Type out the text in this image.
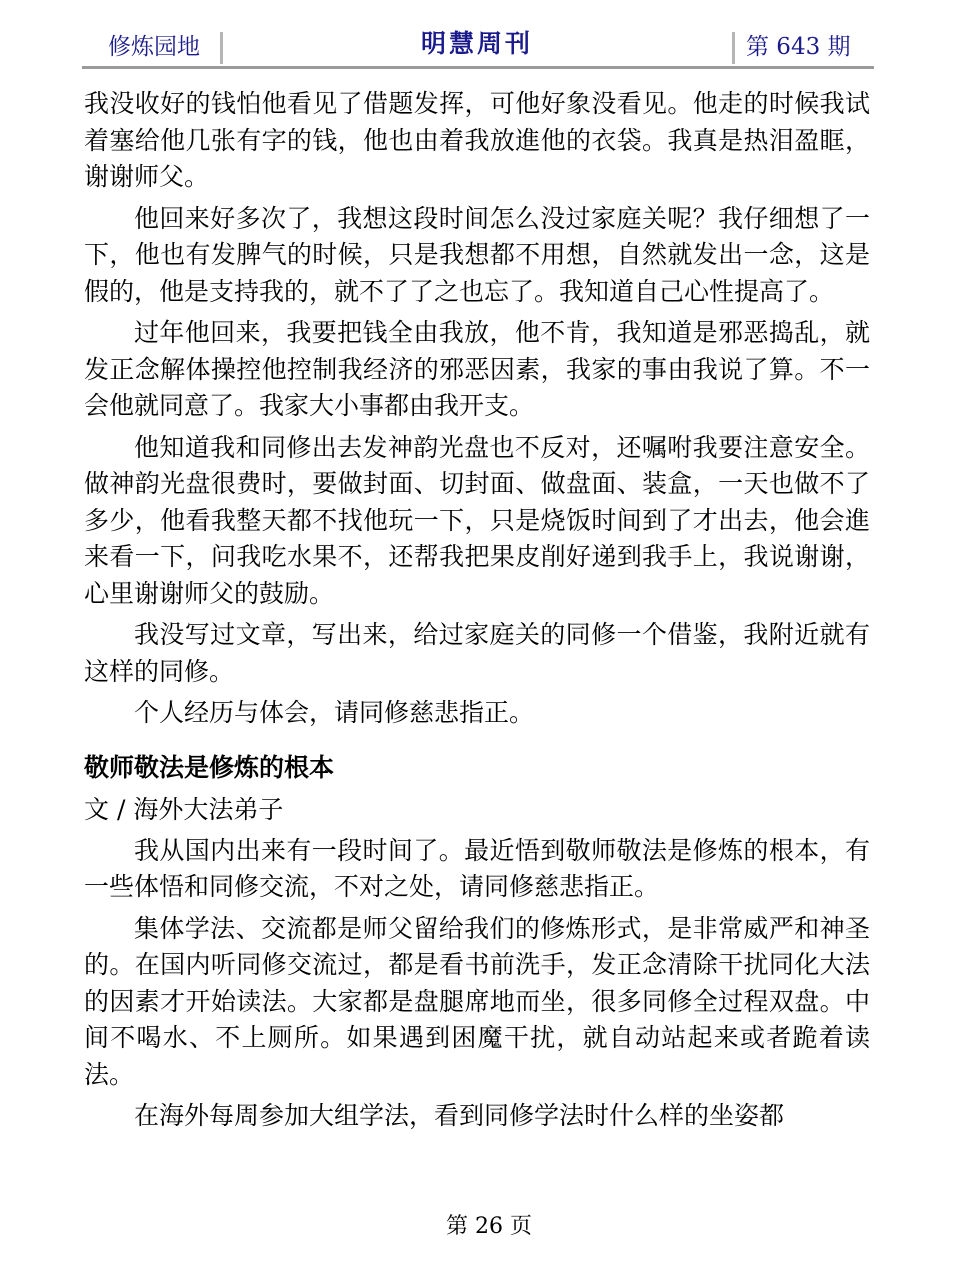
修炼园地	明慧周刊	第 643 期

我没收好的钱怕他看见了借题发挥，可他好象没看见。他走的时候我试着塞给他几张有字的钱，他也由着我放進他的衣袋。我真是热泪盈眶，谢谢师父。

他回来好多次了，我想这段时间怎么没过家庭关呢？我仔细想了一下，他也有发脾气的时候，只是我想都不用想，自然就发出一念，这是假的，他是支持我的，就不了了之也忘了。我知道自己心性提高了。

过年他回来，我要把钱全由我放，他不肯，我知道是邪恶捣乱，就发正念解体操控他控制我经济的邪恶因素，我家的事由我说了算。不一会他就同意了。我家大小事都由我开支。

他知道我和同修出去发神韵光盘也不反对，还嘱咐我要注意安全。做神韵光盘很费时，要做封面、切封面、做盘面、装盒，一天也做不了多少，他看我整天都不找他玩一下，只是烧饭时间到了才出去，他会進来看一下，问我吃水果不，还帮我把果皮削好递到我手上，我说谢谢，心里谢谢师父的鼓励。

我没写过文章，写出来，给过家庭关的同修一个借鉴，我附近就有这样的同修。

个人经历与体会，请同修慈悲指正。

敬师敬法是修炼的根本

文 / 海外大法弟子

我从国内出来有一段时间了。最近悟到敬师敬法是修炼的根本，有一些体悟和同修交流，不对之处，请同修慈悲指正。

集体学法、交流都是师父留给我们的修炼形式，是非常威严和神圣的。在国内听同修交流过，都是看书前洗手，发正念清除干扰同化大法的因素才开始读法。大家都是盘腿席地而坐，很多同修全过程双盘。中间不喝水、不上厕所。如果遇到困魔干扰，就自动站起来或者跪着读法。

在海外每周参加大组学法，看到同修学法时什么样的坐姿都

第 26 页
